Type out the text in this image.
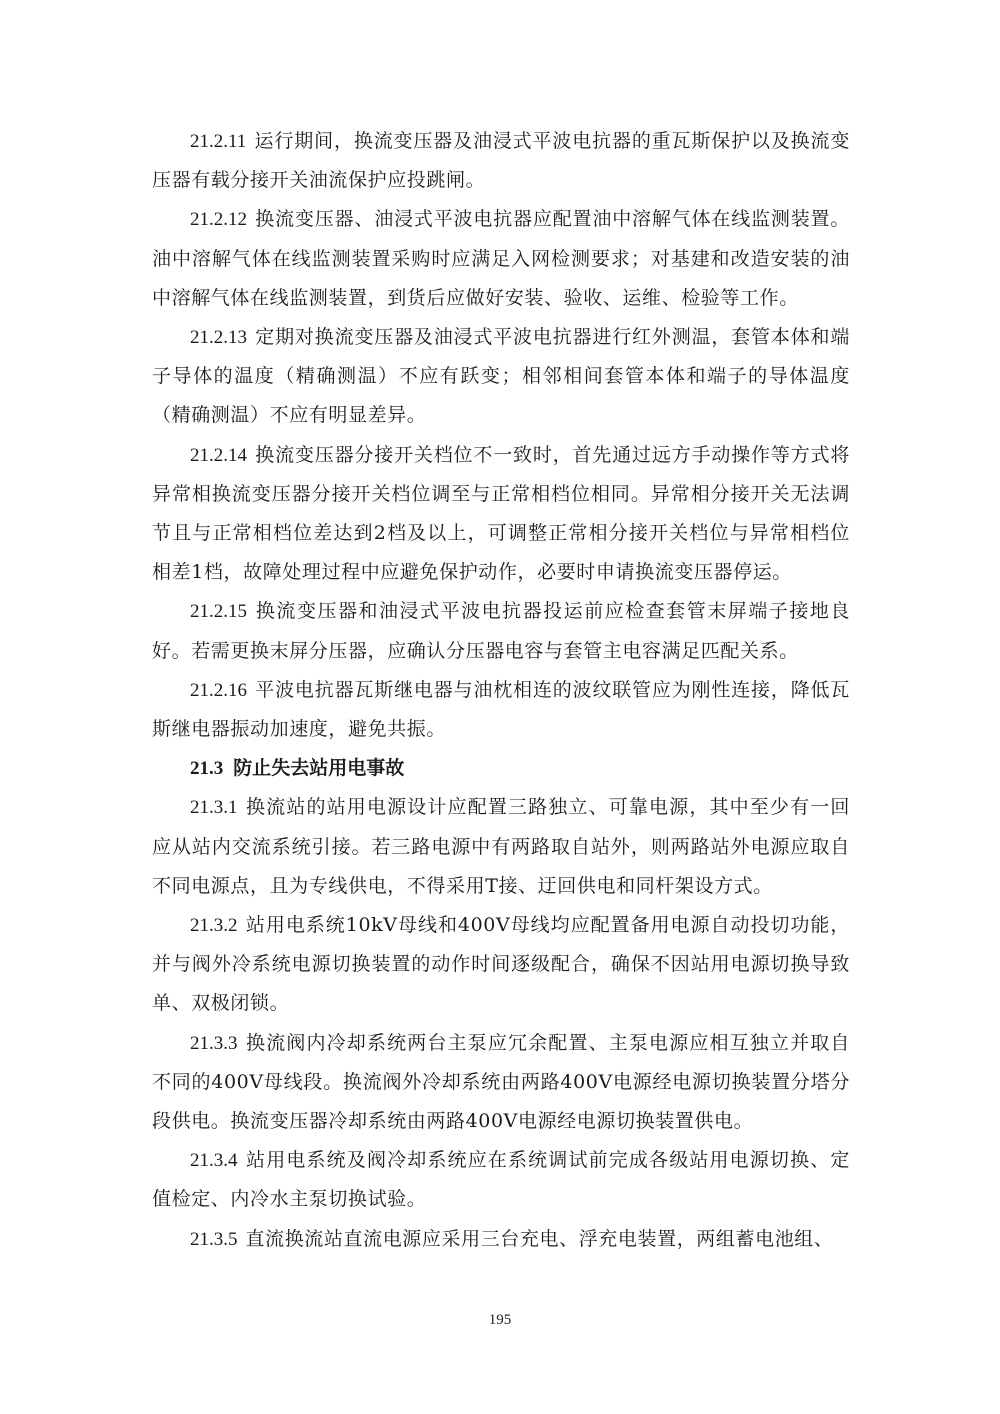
21.2.11 运行期间，换流变压器及油浸式平波电抗器的重瓦斯保护以及换流变压器有载分接开关油流保护应投跳闸。

21.2.12 换流变压器、油浸式平波电抗器应配置油中溶解气体在线监测装置。油中溶解气体在线监测装置采购时应满足入网检测要求；对基建和改造安装的油中溶解气体在线监测装置，到货后应做好安装、验收、运维、检验等工作。

21.2.13 定期对换流变压器及油浸式平波电抗器进行红外测温，套管本体和端子导体的温度（精确测温）不应有跃变；相邻相间套管本体和端子的导体温度（精确测温）不应有明显差异。

21.2.14 换流变压器分接开关档位不一致时，首先通过远方手动操作等方式将异常相换流变压器分接开关档位调至与正常相档位相同。异常相分接开关无法调节且与正常相档位差达到2档及以上，可调整正常相分接开关档位与异常相档位相差1档，故障处理过程中应避免保护动作，必要时申请换流变压器停运。

21.2.15 换流变压器和油浸式平波电抗器投运前应检查套管末屏端子接地良好。若需更换末屏分压器，应确认分压器电容与套管主电容满足匹配关系。

21.2.16 平波电抗器瓦斯继电器与油枕相连的波纹联管应为刚性连接，降低瓦斯继电器振动加速度，避免共振。

21.3 防止失去站用电事故

21.3.1 换流站的站用电源设计应配置三路独立、可靠电源，其中至少有一回应从站内交流系统引接。若三路电源中有两路取自站外，则两路站外电源应取自不同电源点，且为专线供电，不得采用T接、迂回供电和同杆架设方式。

21.3.2 站用电系统10kV母线和400V母线均应配置备用电源自动投切功能，并与阀外冷系统电源切换装置的动作时间逐级配合，确保不因站用电源切换导致单、双极闭锁。

21.3.3 换流阀内冷却系统两台主泵应冗余配置、主泵电源应相互独立并取自不同的400V母线段。换流阀外冷却系统由两路400V电源经电源切换装置分塔分段供电。换流变压器冷却系统由两路400V电源经电源切换装置供电。

21.3.4 站用电系统及阀冷却系统应在系统调试前完成各级站用电源切换、定值检定、内冷水主泵切换试验。

21.3.5 直流换流站直流电源应采用三台充电、浮充电装置，两组蓄电池组、

195
